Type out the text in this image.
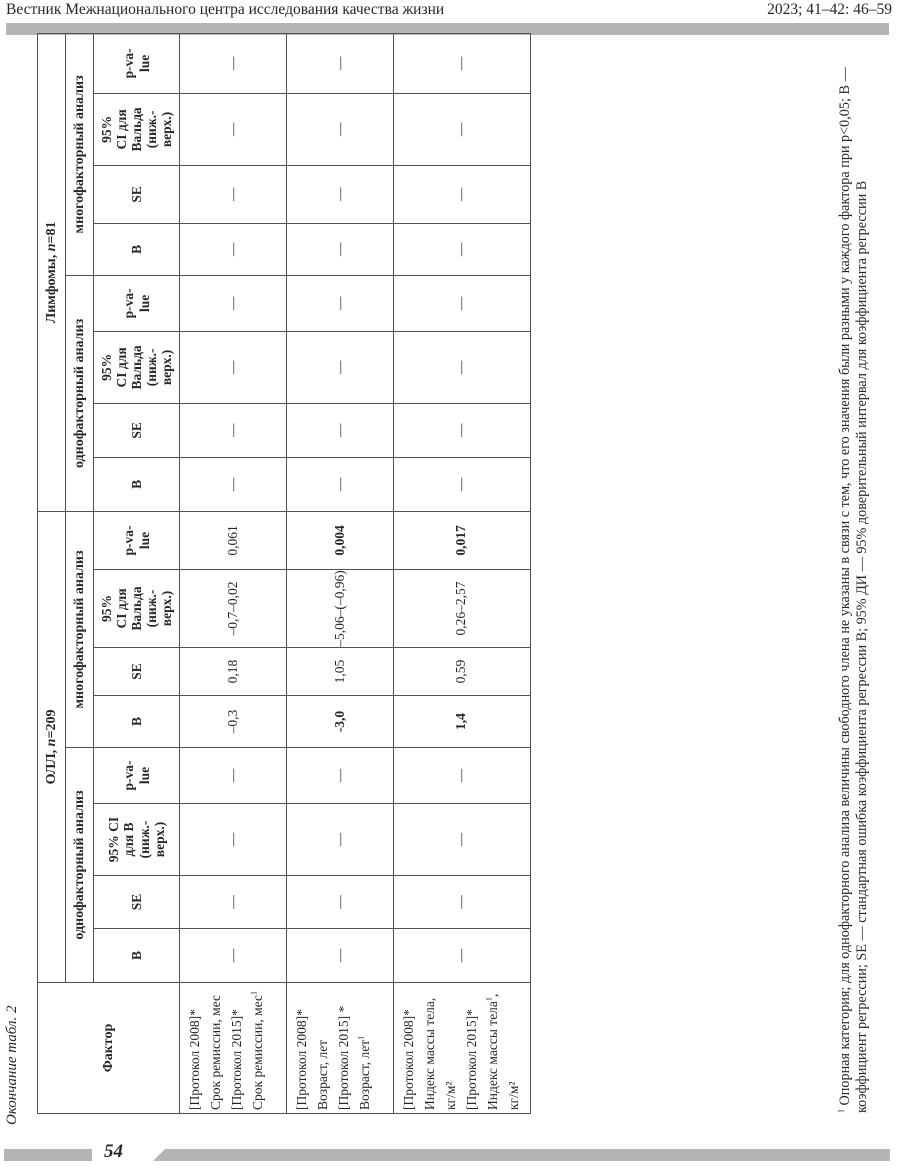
Вестник Межнационального центра исследования качества жизни	2023; 41–42: 46–59
Окончание табл. 2	Фактор	ОЛЛ, n=209								Лимфомы, n=81							
	однофакторный анализ				многофакторный анализ				однофакторный анализ				многофакторный анализ			
	B	SE	95% CI
для B
(ниж.-
верх.)	p-va-
lue	B	SE	95%
CI для
Вальда
(ниж.-
верх.)	p-va-
lue	B	SE	95%
CI для
Вальда
(ниж.-
верх.)	p-va-
lue	B	SE	95%
CI для
Вальда
(ниж.-
верх.)	p-va-
lue
[Протокол 2008]* Срок ремиссии, мес [Протокол 2015]* Срок ремиссии, мес$^1$	—	—	—	—	–0,3	0,18	–0,7–0,02	0,061	—	—	—	—	—	—	—	—
[Протокол 2008]* Возраст, лет [Протокол 2015] * Возраст, лет$^1$	—	—	—	—	-3,0	1,05	–5,06–(–0,96)	0,004	—	—	—	—	—	—	—	—
[Протокол 2008]* Индекс массы тела, кг/м² [Протокол 2015]* Индекс массы тела$^1$, кг/м²	—	—	—	—	1,4	0,59	0,26–2,57	0,017	—	—	—	—	—	—	—	—
$^1$ Опорная категория; для однофакторного анализа величины свободного члена не указаны в связи с тем, что его значения были разными у каждого фактора при p<0,05; B — коэффициент регрессии; SE — стандартная ошибка коэффициента регрессии B; 95% ДИ — 95% доверительный интервал для коэффициента регрессии B
54
